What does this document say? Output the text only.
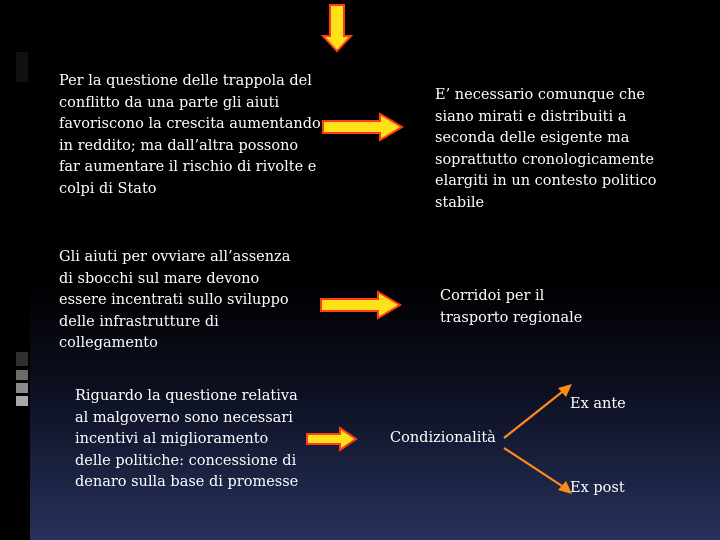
Per la questione delle trappola del
conflitto da una parte gli aiuti
favoriscono la crescita aumentando
in reddito; ma dall’altra possono
far aumentare il rischio di rivolte e
colpi di Stato

Gli aiuti per ovviare all’assenza
di sbocchi sul mare devono
essere incentrati sullo sviluppo
delle infrastrutture di
collegamento

Riguardo la questione relativa
al malgoverno sono necessari
incentivi al miglioramento
delle politiche: concessione di
denaro sulla base di promesse

E’ necessario comunque che
siano mirati e distribuiti a
seconda delle esigente ma
soprattutto cronologicamente
elargiti in un contesto politico
stabile

Corridoi per il
trasporto regionale

Condizionalità

Ex ante

Ex post
